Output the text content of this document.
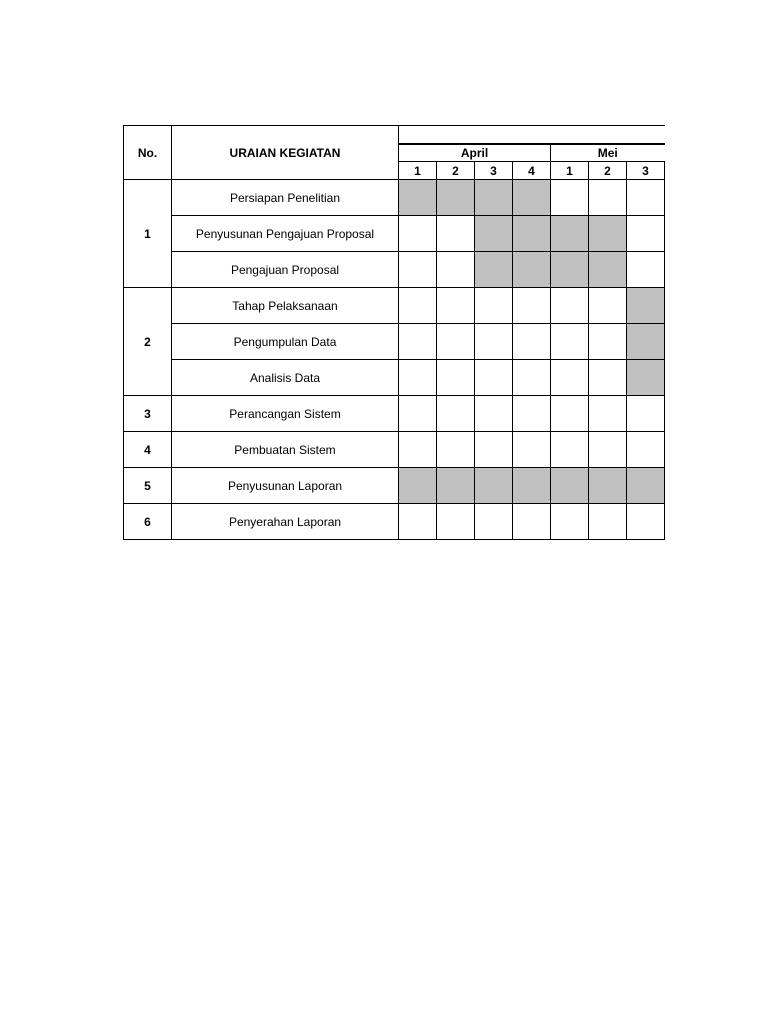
No.	URAIAN KEGIATAN							
		April				Mei		
		1	2	3	4	1	2	3
1	Persiapan Penelitian							
	Penyusunan Pengajuan Proposal							
	Pengajuan Proposal							
2	Tahap Pelaksanaan							
	Pengumpulan Data							
	Analisis Data							
3	Perancangan Sistem							
4	Pembuatan Sistem							
5	Penyusunan Laporan							
6	Penyerahan Laporan							
